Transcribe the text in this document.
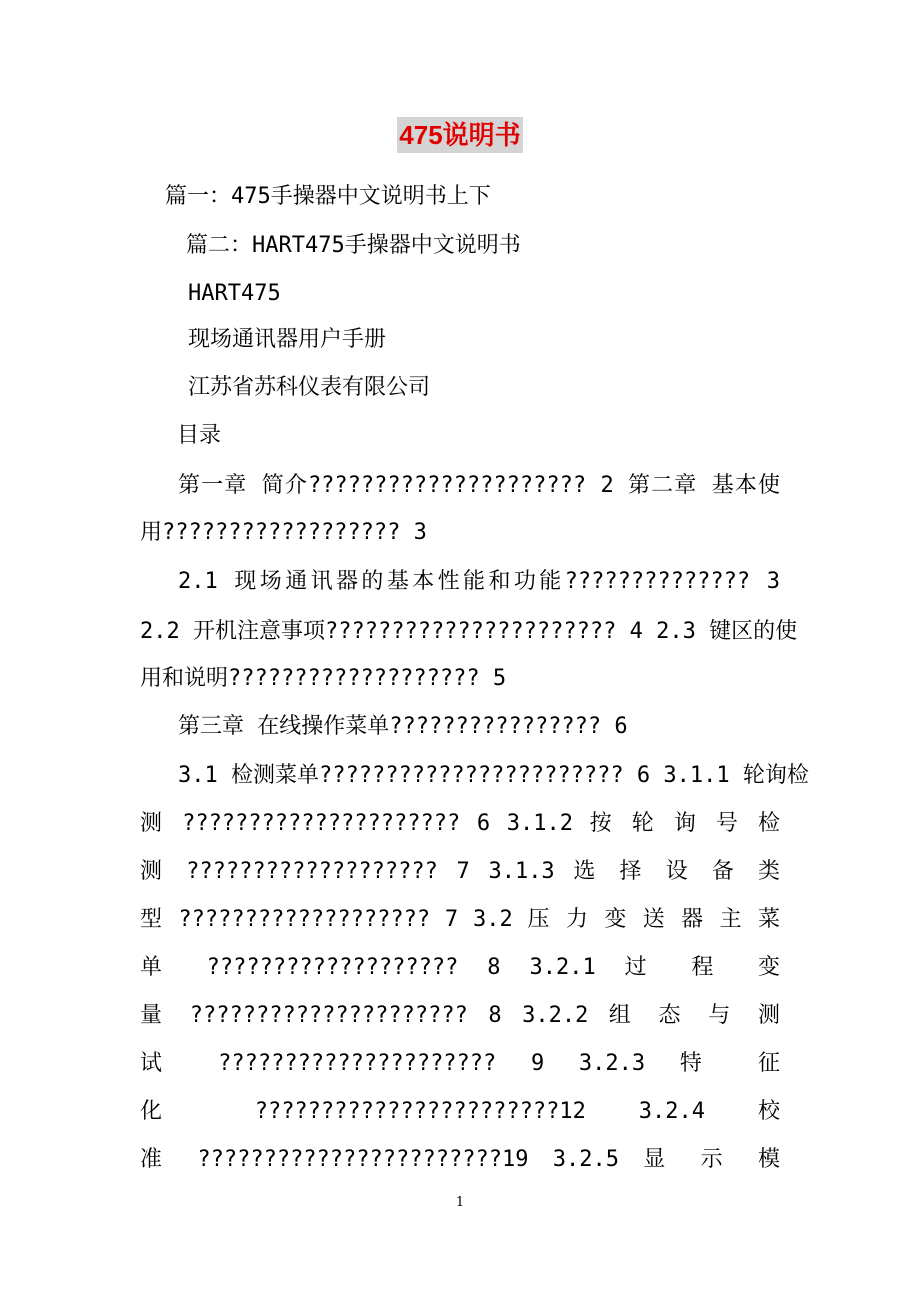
475说明书
篇一：475手操器中文说明书上下
篇二：HART475手操器中文说明书
HART475
现场通讯器用户手册
江苏省苏科仪表有限公司
目录
第一章 简介????????????????????? 2 第二章 基本使
用?????????????????? 3
2.1 现场通讯器的基本性能和功能?????????????? 3
2.2 开机注意事项?????????????????????? 4 2.3 键区的使
用和说明??????????????????? 5
第三章 在线操作菜单???????????????? 6
3.1 检测菜单??????????????????????? 6 3.1.1 轮询检
测 ????????????????????? 6 3.1.2 按 轮 询 号 检
测 ??????????????????? 7 3.1.3 选 择 设 备 类
型 ??????????????????? 7 3.2 压 力 变 送 器 主 菜
单 ??????????????????? 8 3.2.1 过 程 变
量 ????????????????????? 8 3.2.2 组 态 与 测
试 ????????????????????? 9 3.2.3 特 征
化 ???????????????????????12 3.2.4 校
准 ???????????????????????19 3.2.5 显 示 模
1
